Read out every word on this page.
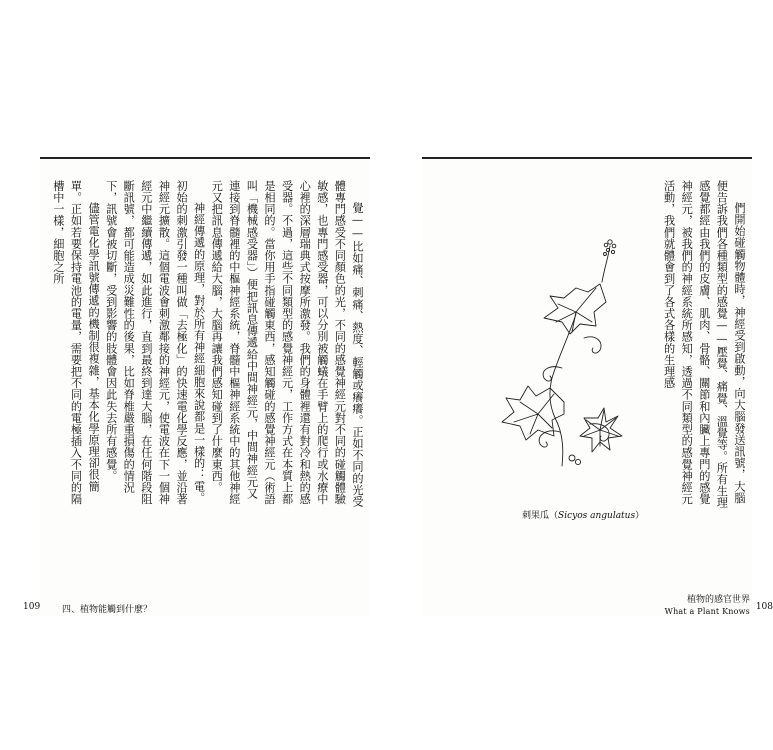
覺——比如痛、刺痛、熱度、輕觸或癢癢。正如不同的光受體專門感受不同顏色的光，不同的感覺神經元對不同的碰觸體驗敏感，也專門感受器，可以分別被觸蟻在手臂上的爬行或水療中心裡的深層瑞典式按摩所激發。我們的身體裡還有對冷和熱的感受器。不過，這些不同類型的感覺神經元，工作方式在本質上都是相同的。當你用手指碰觸東西，感知觸碰的感覺神經元（術語叫「機械感受器」）便把訊息傳遞給中間神經元，中間神經元又連接到脊髓裡的中樞神經系統，脊髓中樞神經系統中的其他神經元又把訊息傳遞給大腦，大腦再讓我們感知碰到了什麼東西。

神經傳遞的原理，對於所有神經細胞來說都是一樣的：電。初始的刺激引發一種叫做「去極化」的快速電化學反應，並沿著神經元擴散。這個電波會刺激鄰接的神經元，使電波在下一個神經元中繼續傳遞，如此進行，直到最終到達大腦，在任何階段阻斷訊號，都可能造成災難性的後果，比如脊椎嚴重損傷的情況下，訊號會被切斷，受到影響的肢體會因此失去所有感覺。

儘管電化學訊號傳遞的機制很複雜，基本化學原理卻很簡單。正如若要保持電池的電量，需要把不同的電極插入不同的隔槽中一樣，細胞之所

109 四、植物能觸到什麼？

們開始碰觸物體時，神經受到啟動，向大腦發送訊號，大腦便告訴我們各種類型的感覺——壓覺、痛覺、溫覺等。所有生理感覺都經由我們的皮膚、肌肉、骨骼、關節和內臟上專門的感覺神經元，被我們的神經系統所感知，透過不同類型的感覺神經元活動，我們就體會到了各式各樣的生理感

刺果瓜（Sicyos angulatus）
植物的感官世界
What a Plant Knows 108
